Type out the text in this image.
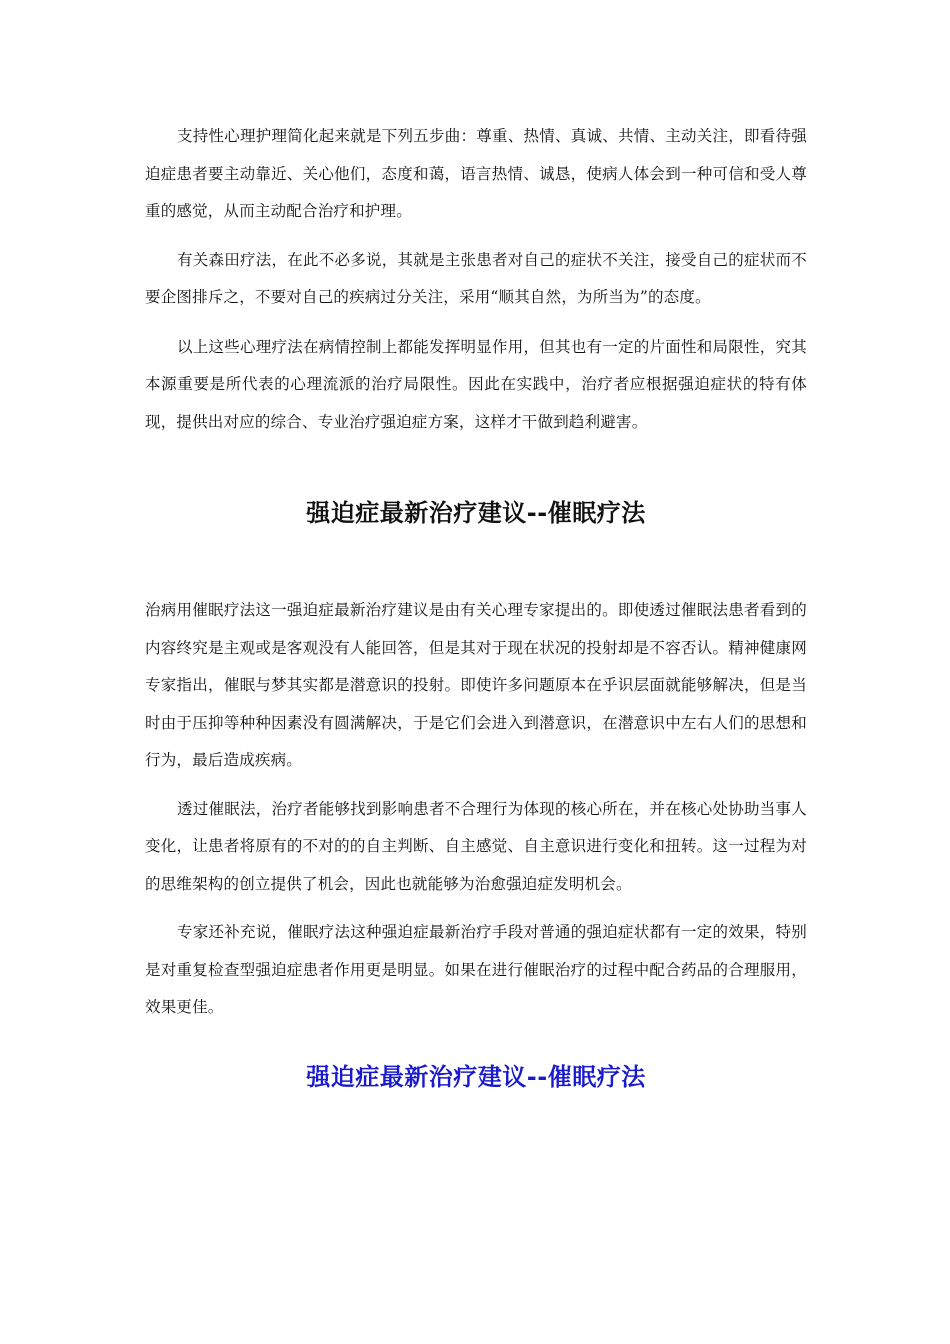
支持性心理护理简化起来就是下列五步曲：尊重、热情、真诚、共情、主动关注，即看待强迫症患者要主动靠近、关心他们，态度和蔼，语言热情、诚恳，使病人体会到一种可信和受人尊重的感觉，从而主动配合治疗和护理。

有关森田疗法，在此不必多说，其就是主张患者对自己的症状不关注，接受自己的症状而不要企图排斥之，不要对自己的疾病过分关注，采用“顺其自然，为所当为”的态度。

以上这些心理疗法在病情控制上都能发挥明显作用，但其也有一定的片面性和局限性，究其本源重要是所代表的心理流派的治疗局限性。因此在实践中，治疗者应根据强迫症状的特有体现，提供出对应的综合、专业治疗强迫症方案，这样才干做到趋利避害。

强迫症最新治疗建议--催眠疗法

治病用催眠疗法这一强迫症最新治疗建议是由有关心理专家提出的。即使透过催眠法患者看到的内容终究是主观或是客观没有人能回答，但是其对于现在状况的投射却是不容否认。精神健康网专家指出，催眠与梦其实都是潜意识的投射。即使许多问题原本在乎识层面就能够解决，但是当时由于压抑等种种因素没有圆满解决，于是它们会进入到潜意识，在潜意识中左右人们的思想和行为，最后造成疾病。

透过催眠法，治疗者能够找到影响患者不合理行为体现的核心所在，并在核心处协助当事人变化，让患者将原有的不对的的自主判断、自主感觉、自主意识进行变化和扭转。这一过程为对的思维架构的创立提供了机会，因此也就能够为治愈强迫症发明机会。

专家还补充说，催眠疗法这种强迫症最新治疗手段对普通的强迫症状都有一定的效果，特别是对重复检查型强迫症患者作用更是明显。如果在进行催眠治疗的过程中配合药品的合理服用，效果更佳。

强迫症最新治疗建议--催眠疗法
